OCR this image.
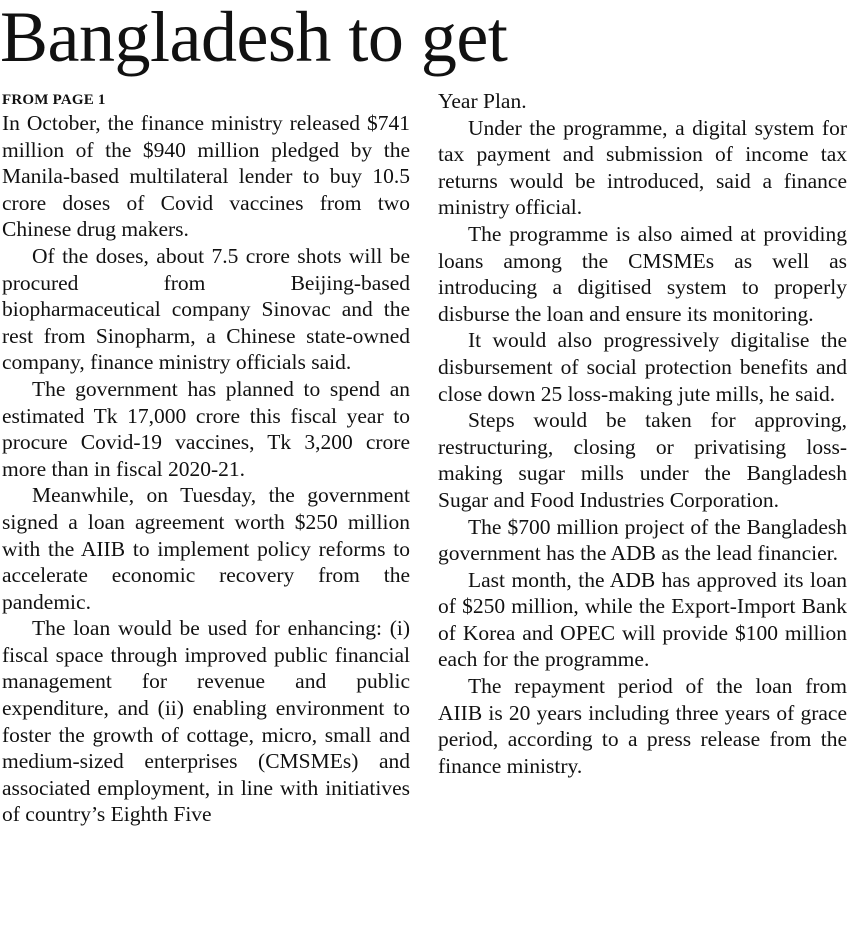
Bangladesh to get
FROM PAGE 1

In October, the finance ministry released $741 million of the $940 million pledged by the Manila-based multilateral lender to buy 10.5 crore doses of Covid vaccines from two Chinese drug makers.

Of the doses, about 7.5 crore shots will be procured from Beijing-based biopharmaceutical company Sinovac and the rest from Sinopharm, a Chinese state-owned company, finance ministry officials said.

The government has planned to spend an estimated Tk 17,000 crore this fiscal year to procure Covid-19 vaccines, Tk 3,200 crore more than in fiscal 2020-21.

Meanwhile, on Tuesday, the government signed a loan agreement worth $250 million with the AIIB to implement policy reforms to accelerate economic recovery from the pandemic.

The loan would be used for enhancing: (i) fiscal space through improved public financial management for revenue and public expenditure, and (ii) enabling environment to foster the growth of cottage, micro, small and medium-sized enterprises (CMSMEs) and associated employment, in line with initiatives of country’s Eighth Five

Year Plan.

Under the programme, a digital system for tax payment and submission of income tax returns would be introduced, said a finance ministry official.

The programme is also aimed at providing loans among the CMSMEs as well as introducing a digitised system to properly disburse the loan and ensure its monitoring.

It would also progressively digitalise the disbursement of social protection benefits and close down 25 loss-making jute mills, he said.

Steps would be taken for approving, restructuring, closing or privatising loss-making sugar mills under the Bangladesh Sugar and Food Industries Corporation.

The $700 million project of the Bangladesh government has the ADB as the lead financier.

Last month, the ADB has approved its loan of $250 million, while the Export-Import Bank of Korea and OPEC will provide $100 million each for the programme.

The repayment period of the loan from AIIB is 20 years including three years of grace period, according to a press release from the finance ministry.
